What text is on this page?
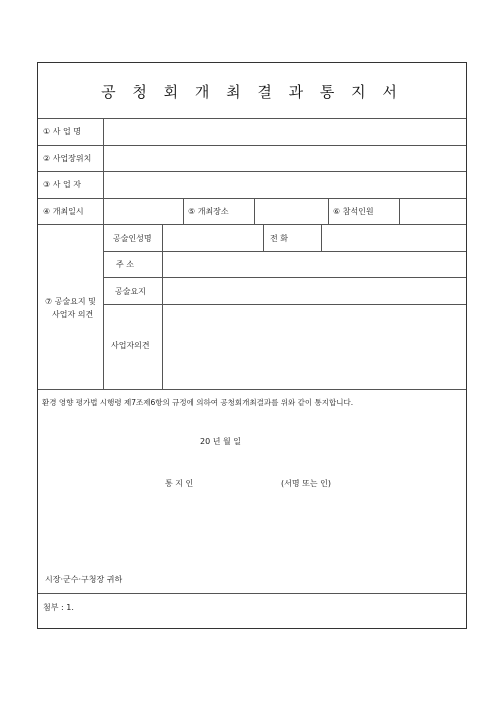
공 청 회 개 최 결 과 통 지 서
① 사 업 명
② 사업장위치
③ 사 업 자
④ 개최일시	⑤ 개최장소	⑥ 참석인원
⑦ 공술요지 및
사업자 의견
공술인성명	전 화
주 소
공술요지
사업자의견
환경 영향 평가법 시행령 제7조제6항의 규정에 의하여 공청회개최결과를 위와 같이 통지합니다.
20 년 월 일
통 지 인	(서명 또는 인)
시장·군수·구청장 귀하
첨부 : 1.
